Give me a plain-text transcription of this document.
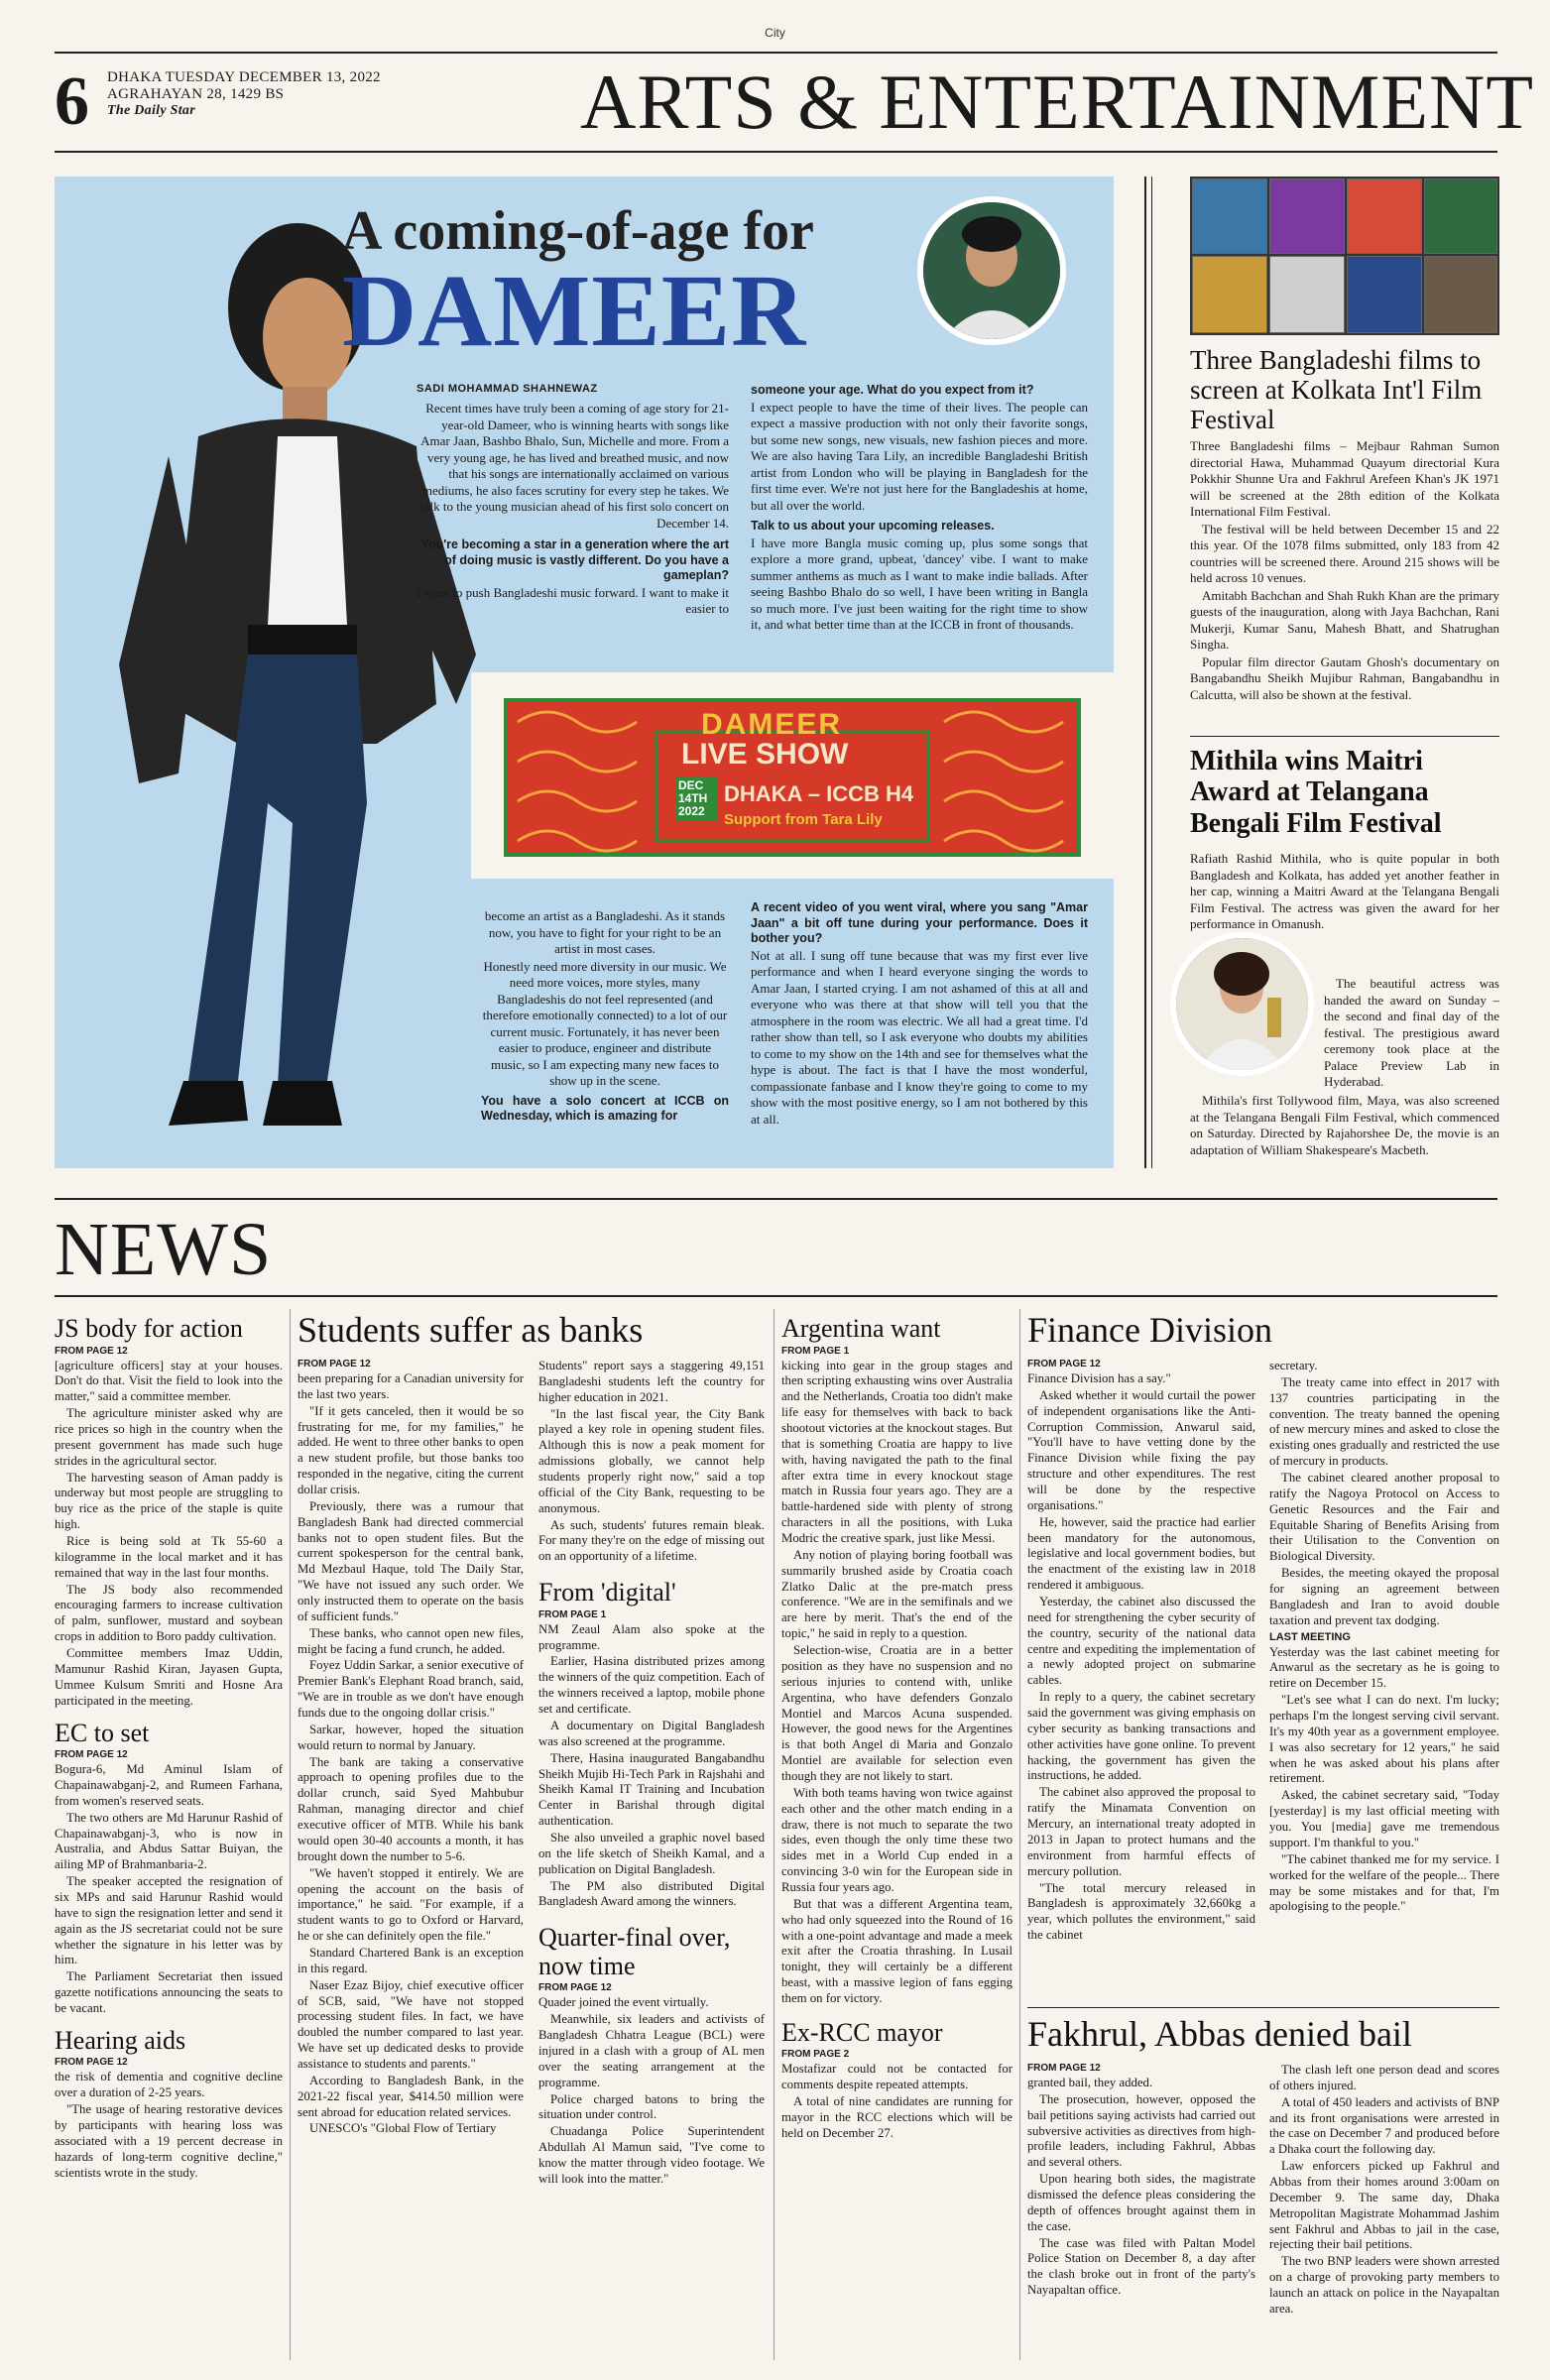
City
6 DHAKA TUESDAY DECEMBER 13, 2022
AGRAHAYAN 28, 1429 BS
The Daily Star	ARTS & ENTERTAINMENT
A coming-of-age for
DAMEER
SADI MOHAMMAD SHAHNEWAZ

Recent times have truly been a coming of age story for 21-year-old Dameer, who is winning hearts with songs like Amar Jaan, Bashbo Bhalo, Sun, Michelle and more. From a very young age, he has lived and breathed music, and now that his songs are internationally acclaimed on various mediums, he also faces scrutiny for every step he takes. We talk to the young musician ahead of his first solo concert on December 14.

You're becoming a star in a generation where the art of doing music is vastly different. Do you have a gameplan?

I want to push Bangladeshi music forward. I want to make it easier to

someone your age. What do you expect from it?

I expect people to have the time of their lives. The people can expect a massive production with not only their favorite songs, but some new songs, new visuals, new fashion pieces and more. We are also having Tara Lily, an incredible Bangladeshi British artist from London who will be playing in Bangladesh for the first time ever. We're not just here for the Bangladeshis at home, but all over the world.

Talk to us about your upcoming releases.

I have more Bangla music coming up, plus some songs that explore a more grand, upbeat, 'dancey' vibe. I want to make summer anthems as much as I want to make indie ballads. After seeing Bashbo Bhalo do so well, I have been writing in Bangla so much more. I've just been waiting for the right time to show it, and what better time than at the ICCB in front of thousands.

DAMEER
LIVE SHOW
DEC 14TH 2022
DHAKA – ICCB H4
Support from Tara Lily

become an artist as a Bangladeshi. As it stands now, you have to fight for your right to be an artist in most cases.

Honestly need more diversity in our music. We need more voices, more styles, many Bangladeshis do not feel represented (and therefore emotionally connected) to a lot of our current music. Fortunately, it has never been easier to produce, engineer and distribute music, so I am expecting many new faces to show up in the scene.

You have a solo concert at ICCB on Wednesday, which is amazing for

A recent video of you went viral, where you sang "Amar Jaan" a bit off tune during your performance. Does it bother you?

Not at all. I sung off tune because that was my first ever live performance and when I heard everyone singing the words to Amar Jaan, I started crying. I am not ashamed of this at all and everyone who was there at that show will tell you that the atmosphere in the room was electric. We all had a great time. I'd rather show than tell, so I ask everyone who doubts my abilities to come to my show on the 14th and see for themselves what the hype is about. The fact is that I have the most wonderful, compassionate fanbase and I know they're going to come to my show with the most positive energy, so I am not bothered by this at all.

Three Bangladeshi films to screen at Kolkata Int'l Film Festival

Three Bangladeshi films – Mejbaur Rahman Sumon directorial Hawa, Muhammad Quayum directorial Kura Pokkhir Shunne Ura and Fakhrul Arefeen Khan's JK 1971 will be screened at the 28th edition of the Kolkata International Film Festival.

The festival will be held between December 15 and 22 this year. Of the 1078 films submitted, only 183 from 42 countries will be screened there. Around 215 shows will be held across 10 venues.

Amitabh Bachchan and Shah Rukh Khan are the primary guests of the inauguration, along with Jaya Bachchan, Rani Mukerji, Kumar Sanu, Mahesh Bhatt, and Shatrughan Singha.

Popular film director Gautam Ghosh's documentary on Bangabandhu Sheikh Mujibur Rahman, Bangabandhu in Calcutta, will also be shown at the festival.

Mithila wins Maitri Award at Telangana Bengali Film Festival

Rafiath Rashid Mithila, who is quite popular in both Bangladesh and Kolkata, has added yet another feather in her cap, winning a Maitri Award at the Telangana Bengali Film Festival. The actress was given the award for her performance in Omanush.

The beautiful actress was handed the award on Sunday – the second and final day of the festival. The prestigious award ceremony took place at the Palace Preview Lab in Hyderabad.

Mithila's first Tollywood film, Maya, was also screened at the Telangana Bengali Film Festival, which commenced on Saturday. Directed by Rajahorshee De, the movie is an adaptation of William Shakespeare's Macbeth.

NEWS
JS body for action
FROM PAGE 12

[agriculture officers] stay at your houses. Don't do that. Visit the field to look into the matter," said a committee member.

The agriculture minister asked why are rice prices so high in the country when the present government has made such huge strides in the agricultural sector.

The harvesting season of Aman paddy is underway but most people are struggling to buy rice as the price of the staple is quite high.

Rice is being sold at Tk 55-60 a kilogramme in the local market and it has remained that way in the last four months.

The JS body also recommended encouraging farmers to increase cultivation of palm, sunflower, mustard and soybean crops in addition to Boro paddy cultivation.

Committee members Imaz Uddin, Mamunur Rashid Kiran, Jayasen Gupta, Ummee Kulsum Smriti and Hosne Ara participated in the meeting.

EC to set
FROM PAGE 12

Bogura-6, Md Aminul Islam of Chapainawabganj-2, and Rumeen Farhana, from women's reserved seats.

The two others are Md Harunur Rashid of Chapainawabganj-3, who is now in Australia, and Abdus Sattar Buiyan, the ailing MP of Brahmanbaria-2.

The speaker accepted the resignation of six MPs and said Harunur Rashid would have to sign the resignation letter and send it again as the JS secretariat could not be sure whether the signature in his letter was by him.

The Parliament Secretariat then issued gazette notifications announcing the seats to be vacant.

Hearing aids
FROM PAGE 12

the risk of dementia and cognitive decline over a duration of 2-25 years.

"The usage of hearing restorative devices by participants with hearing loss was associated with a 19 percent decrease in hazards of long-term cognitive decline," scientists wrote in the study.

Students suffer as banks
FROM PAGE 12

been preparing for a Canadian university for the last two years.

"If it gets canceled, then it would be so frustrating for me, for my families," he added. He went to three other banks to open a new student profile, but those banks too responded in the negative, citing the current dollar crisis.

Previously, there was a rumour that Bangladesh Bank had directed commercial banks not to open student files. But the current spokesperson for the central bank, Md Mezbaul Haque, told The Daily Star, "We have not issued any such order. We only instructed them to operate on the basis of sufficient funds."

These banks, who cannot open new files, might be facing a fund crunch, he added.

Foyez Uddin Sarkar, a senior executive of Premier Bank's Elephant Road branch, said, "We are in trouble as we don't have enough funds due to the ongoing dollar crisis."

Sarkar, however, hoped the situation would return to normal by January.

The bank are taking a conservative approach to opening profiles due to the dollar crunch, said Syed Mahbubur Rahman, managing director and chief executive officer of MTB. While his bank would open 30-40 accounts a month, it has brought down the number to 5-6.

"We haven't stopped it entirely. We are opening the account on the basis of importance," he said. "For example, if a student wants to go to Oxford or Harvard, he or she can definitely open the file."

Standard Chartered Bank is an exception in this regard.

Naser Ezaz Bijoy, chief executive officer of SCB, said, "We have not stopped processing student files. In fact, we have doubled the number compared to last year. We have set up dedicated desks to provide assistance to students and parents."

According to Bangladesh Bank, in the 2021-22 fiscal year, $414.50 million were sent abroad for education related services.

UNESCO's "Global Flow of Tertiary

Students" report says a staggering 49,151 Bangladeshi students left the country for higher education in 2021.

"In the last fiscal year, the City Bank played a key role in opening student files. Although this is now a peak moment for admissions globally, we cannot help students properly right now," said a top official of the City Bank, requesting to be anonymous.

As such, students' futures remain bleak. For many they're on the edge of missing out on an opportunity of a lifetime.

From 'digital'
FROM PAGE 1

NM Zeaul Alam also spoke at the programme.

Earlier, Hasina distributed prizes among the winners of the quiz competition. Each of the winners received a laptop, mobile phone set and certificate.

A documentary on Digital Bangladesh was also screened at the programme.

There, Hasina inaugurated Bangabandhu Sheikh Mujib Hi-Tech Park in Rajshahi and Sheikh Kamal IT Training and Incubation Center in Barishal through digital authentication.

She also unveiled a graphic novel based on the life sketch of Sheikh Kamal, and a publication on Digital Bangladesh.

The PM also distributed Digital Bangladesh Award among the winners.

Quarter-final over, now time
FROM PAGE 12

Quader joined the event virtually.

Meanwhile, six leaders and activists of Bangladesh Chhatra League (BCL) were injured in a clash with a group of AL men over the seating arrangement at the programme.

Police charged batons to bring the situation under control.

Chuadanga Police Superintendent Abdullah Al Mamun said, "I've come to know the matter through video footage. We will look into the matter."

Argentina want
FROM PAGE 1

kicking into gear in the group stages and then scripting exhausting wins over Australia and the Netherlands, Croatia too didn't make life easy for themselves with back to back shootout victories at the knockout stages. But that is something Croatia are happy to live with, having navigated the path to the final after extra time in every knockout stage match in Russia four years ago. They are a battle-hardened side with plenty of strong characters in all the positions, with Luka Modric the creative spark, just like Messi.

Any notion of playing boring football was summarily brushed aside by Croatia coach Zlatko Dalic at the pre-match press conference. "We are in the semifinals and we are here by merit. That's the end of the topic," he said in reply to a question.

Selection-wise, Croatia are in a better position as they have no suspension and no serious injuries to contend with, unlike Argentina, who have defenders Gonzalo Montiel and Marcos Acuna suspended. However, the good news for the Argentines is that both Angel di Maria and Gonzalo Montiel are available for selection even though they are not likely to start.

With both teams having won twice against each other and the other match ending in a draw, there is not much to separate the two sides, even though the only time these two sides met in a World Cup ended in a convincing 3-0 win for the European side in Russia four years ago.

But that was a different Argentina team, who had only squeezed into the Round of 16 with a one-point advantage and made a meek exit after the Croatia thrashing. In Lusail tonight, they will certainly be a different beast, with a massive legion of fans egging them on for victory.

Ex-RCC mayor
FROM PAGE 2

Mostafizar could not be contacted for comments despite repeated attempts.

A total of nine candidates are running for mayor in the RCC elections which will be held on December 27.

Finance Division
FROM PAGE 12

Finance Division has a say."

Asked whether it would curtail the power of independent organisations like the Anti-Corruption Commission, Anwarul said, "You'll have to have vetting done by the Finance Division while fixing the pay structure and other expenditures. The rest will be done by the respective organisations."

He, however, said the practice had earlier been mandatory for the autonomous, legislative and local government bodies, but the enactment of the existing law in 2018 rendered it ambiguous.

Yesterday, the cabinet also discussed the need for strengthening the cyber security of the country, security of the national data centre and expediting the implementation of a newly adopted project on submarine cables.

In reply to a query, the cabinet secretary said the government was giving emphasis on cyber security as banking transactions and other activities have gone online. To prevent hacking, the government has given the instructions, he added.

The cabinet also approved the proposal to ratify the Minamata Convention on Mercury, an international treaty adopted in 2013 in Japan to protect humans and the environment from harmful effects of mercury pollution.

"The total mercury released in Bangladesh is approximately 32,660kg a year, which pollutes the environment," said the cabinet

secretary.

The treaty came into effect in 2017 with 137 countries participating in the convention. The treaty banned the opening of new mercury mines and asked to close the existing ones gradually and restricted the use of mercury in products.

The cabinet cleared another proposal to ratify the Nagoya Protocol on Access to Genetic Resources and the Fair and Equitable Sharing of Benefits Arising from their Utilisation to the Convention on Biological Diversity.

Besides, the meeting okayed the proposal for signing an agreement between Bangladesh and Iran to avoid double taxation and prevent tax dodging.

LAST MEETING

Yesterday was the last cabinet meeting for Anwarul as the secretary as he is going to retire on December 15.

"Let's see what I can do next. I'm lucky; perhaps I'm the longest serving civil servant. It's my 40th year as a government employee. I was also secretary for 12 years," he said when he was asked about his plans after retirement.

Asked, the cabinet secretary said, "Today [yesterday] is my last official meeting with you. You [media] gave me tremendous support. I'm thankful to you."

"The cabinet thanked me for my service. I worked for the welfare of the people... There may be some mistakes and for that, I'm apologising to the people."

Fakhrul, Abbas denied bail
FROM PAGE 12

granted bail, they added.

The prosecution, however, opposed the bail petitions saying activists had carried out subversive activities as directives from high-profile leaders, including Fakhrul, Abbas and several others.

Upon hearing both sides, the magistrate dismissed the defence pleas considering the depth of offences brought against them in the case.

The case was filed with Paltan Model Police Station on December 8, a day after the clash broke out in front of the party's Nayapaltan office.

The clash left one person dead and scores of others injured.

A total of 450 leaders and activists of BNP and its front organisations were arrested in the case on December 7 and produced before a Dhaka court the following day.

Law enforcers picked up Fakhrul and Abbas from their homes around 3:00am on December 9. The same day, Dhaka Metropolitan Magistrate Mohammad Jashim sent Fakhrul and Abbas to jail in the case, rejecting their bail petitions.

The two BNP leaders were shown arrested on a charge of provoking party members to launch an attack on police in the Nayapaltan area.
